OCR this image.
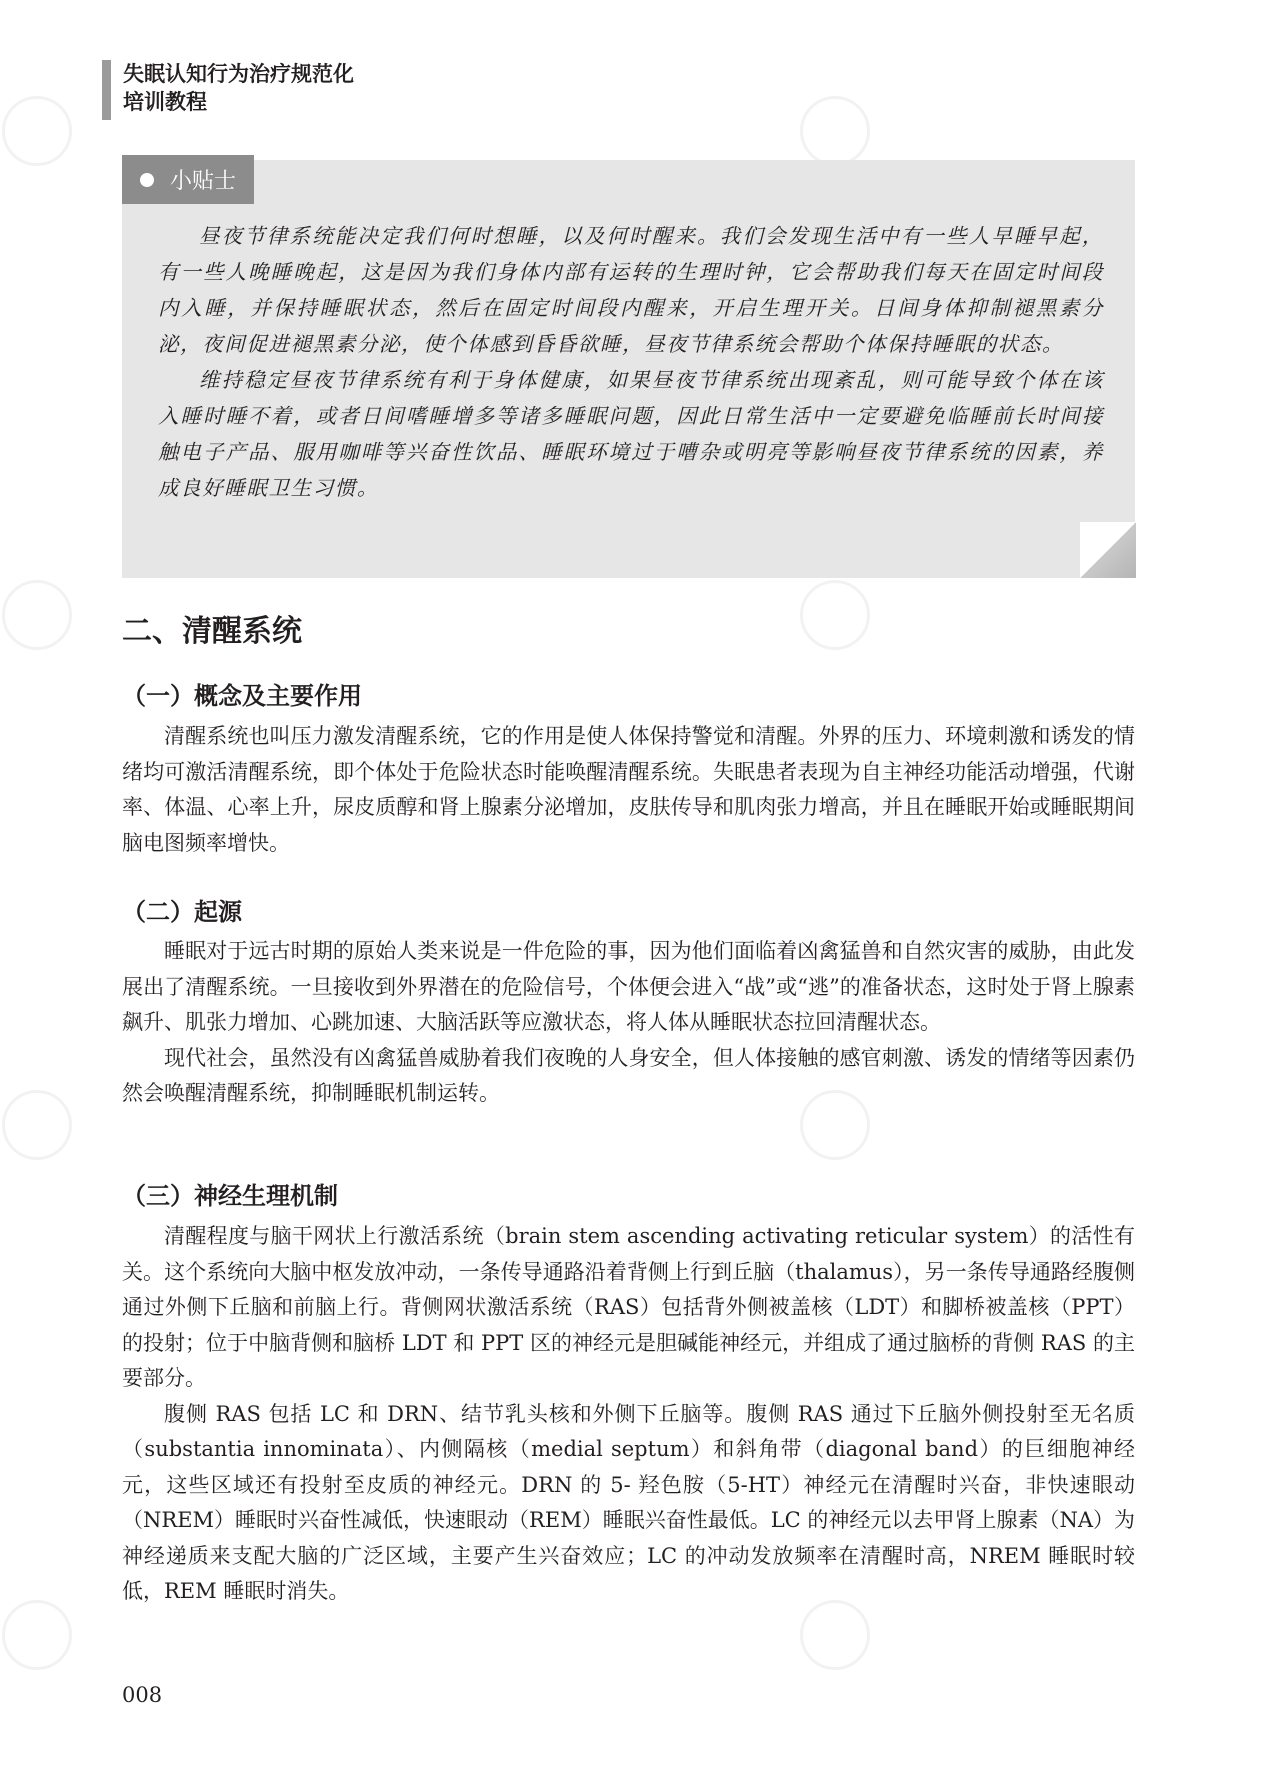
失眠认知行为治疗规范化
培训教程
小贴士

昼夜节律系统能决定我们何时想睡，以及何时醒来。我们会发现生活中有一些人早睡早起，有一些人晚睡晚起，这是因为我们身体内部有运转的生理时钟，它会帮助我们每天在固定时间段内入睡，并保持睡眠状态，然后在固定时间段内醒来，开启生理开关。日间身体抑制褪黑素分泌，夜间促进褪黑素分泌，使个体感到昏昏欲睡，昼夜节律系统会帮助个体保持睡眠的状态。

维持稳定昼夜节律系统有利于身体健康，如果昼夜节律系统出现紊乱，则可能导致个体在该入睡时睡不着，或者日间嗜睡增多等诸多睡眠问题，因此日常生活中一定要避免临睡前长时间接触电子产品、服用咖啡等兴奋性饮品、睡眠环境过于嘈杂或明亮等影响昼夜节律系统的因素，养成良好睡眠卫生习惯。

二、清醒系统
（一）概念及主要作用

清醒系统也叫压力激发清醒系统，它的作用是使人体保持警觉和清醒。外界的压力、环境刺激和诱发的情绪均可激活清醒系统，即个体处于危险状态时能唤醒清醒系统。失眠患者表现为自主神经功能活动增强，代谢率、体温、心率上升，尿皮质醇和肾上腺素分泌增加，皮肤传导和肌肉张力增高，并且在睡眠开始或睡眠期间脑电图频率增快。

（二）起源

睡眠对于远古时期的原始人类来说是一件危险的事，因为他们面临着凶禽猛兽和自然灾害的威胁，由此发展出了清醒系统。一旦接收到外界潜在的危险信号，个体便会进入“战”或“逃”的准备状态，这时处于肾上腺素飙升、肌张力增加、心跳加速、大脑活跃等应激状态，将人体从睡眠状态拉回清醒状态。

现代社会，虽然没有凶禽猛兽威胁着我们夜晚的人身安全，但人体接触的感官刺激、诱发的情绪等因素仍然会唤醒清醒系统，抑制睡眠机制运转。

（三）神经生理机制

清醒程度与脑干网状上行激活系统（brain stem ascending activating reticular system）的活性有关。这个系统向大脑中枢发放冲动，一条传导通路沿着背侧上行到丘脑（thalamus），另一条传导通路经腹侧通过外侧下丘脑和前脑上行。背侧网状激活系统（RAS）包括背外侧被盖核（LDT）和脚桥被盖核（PPT）的投射；位于中脑背侧和脑桥 LDT 和 PPT 区的神经元是胆碱能神经元，并组成了通过脑桥的背侧 RAS 的主要部分。

腹侧 RAS 包括 LC 和 DRN、结节乳头核和外侧下丘脑等。腹侧 RAS 通过下丘脑外侧投射至无名质（substantia innominata）、内侧隔核（medial septum）和斜角带（diagonal band）的巨细胞神经元，这些区域还有投射至皮质的神经元。DRN 的 5- 羟色胺（5-HT）神经元在清醒时兴奋，非快速眼动（NREM）睡眠时兴奋性减低，快速眼动（REM）睡眠兴奋性最低。LC 的神经元以去甲肾上腺素（NA）为神经递质来支配大脑的广泛区域，主要产生兴奋效应；LC 的冲动发放频率在清醒时高，NREM 睡眠时较低，REM 睡眠时消失。

008
